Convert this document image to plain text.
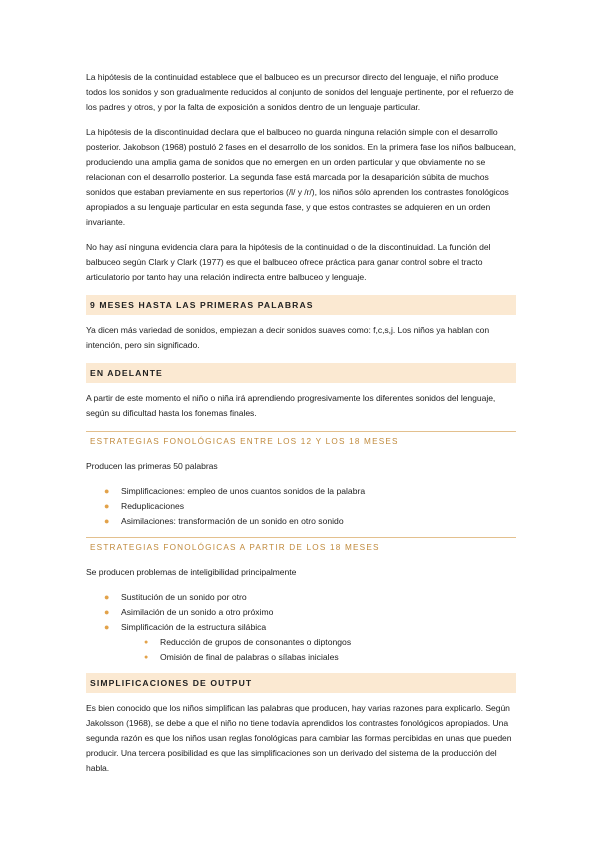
La hipótesis de la continuidad establece que el balbuceo es un precursor directo del lenguaje, el niño produce todos los sonidos y son gradualmente reducidos al conjunto de sonidos del lenguaje pertinente, por el refuerzo de los padres y otros, y por la falta de exposición a sonidos dentro de un lenguaje particular.

La hipótesis de la discontinuidad declara que el balbuceo no guarda ninguna relación simple con el desarrollo posterior. Jakobson (1968) postuló 2 fases en el desarrollo de los sonidos. En la primera fase los niños balbucean, produciendo una amplia gama de sonidos que no emergen en un orden particular y que obviamente no se relacionan con el desarrollo posterior. La segunda fase está marcada por la desaparición súbita de muchos sonidos que estaban previamente en sus repertorios (/l/ y /r/), los niños sólo aprenden los contrastes fonológicos apropiados a su lenguaje particular en esta segunda fase, y que estos contrastes se adquieren en un orden invariante.

No hay así ninguna evidencia clara para la hipótesis de la continuidad o de la discontinuidad. La función del balbuceo según Clark y Clark (1977) es que el balbuceo ofrece práctica para ganar control sobre el tracto articulatorio por tanto hay una relación indirecta entre balbuceo y lenguaje.

9 MESES HASTA LAS PRIMERAS PALABRAS

Ya dicen más variedad de sonidos, empiezan a decir sonidos suaves como: f,c,s,j. Los niños ya hablan con intención, pero sin significado.

EN ADELANTE

A partir de este momento el niño o niña irá aprendiendo progresivamente los diferentes sonidos del lenguaje, según su dificultad hasta los fonemas finales.

ESTRATEGIAS FONOLÓGICAS ENTRE LOS 12 Y LOS 18 MESES

Producen las primeras 50 palabras

● Simplificaciones: empleo de unos cuantos sonidos de la palabra
● Reduplicaciones
● Asimilaciones: transformación de un sonido en otro sonido
ESTRATEGIAS FONOLÓGICAS A PARTIR DE LOS 18 MESES

Se producen problemas de inteligibilidad principalmente

● Sustitución de un sonido por otro
● Asimilación de un sonido a otro próximo
● Simplificación de la estructura silábica
● Reducción de grupos de consonantes o diptongos
● Omisión de final de palabras o sílabas iniciales
SIMPLIFICACIONES DE OUTPUT

Es bien conocido que los niños simplifican las palabras que producen, hay varias razones para explicarlo. Según Jakolsson (1968), se debe a que el niño no tiene todavía aprendidos los contrastes fonológicos apropiados. Una segunda razón es que los niños usan reglas fonológicas para cambiar las formas percibidas en unas que pueden producir. Una tercera posibilidad es que las simplificaciones son un derivado del sistema de la producción del habla.
